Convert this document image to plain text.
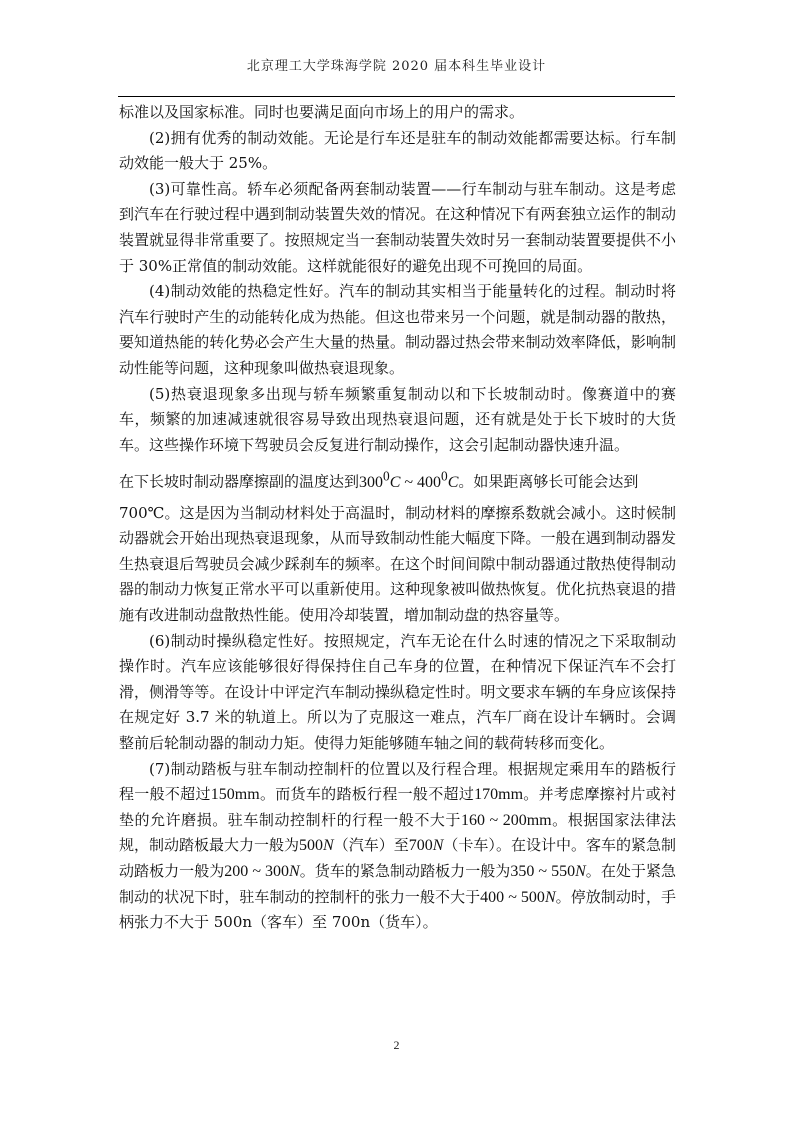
北京理工大学珠海学院 2020 届本科生毕业设计

标准以及国家标准。同时也要满足面向市场上的用户的需求。

(2)拥有优秀的制动效能。无论是行车还是驻车的制动效能都需要达标。行车制动效能一般大于 25%。

(3)可靠性高。轿车必须配备两套制动装置——行车制动与驻车制动。这是考虑到汽车在行驶过程中遇到制动装置失效的情况。在这种情况下有两套独立运作的制动装置就显得非常重要了。按照规定当一套制动装置失效时另一套制动装置要提供不小于 30%正常值的制动效能。这样就能很好的避免出现不可挽回的局面。

(4)制动效能的热稳定性好。汽车的制动其实相当于能量转化的过程。制动时将汽车行驶时产生的动能转化成为热能。但这也带来另一个问题，就是制动器的散热，要知道热能的转化势必会产生大量的热量。制动器过热会带来制动效率降低，影响制动性能等问题，这种现象叫做热衰退现象。

(5)热衰退现象多出现与轿车频繁重复制动以和下长坡制动时。像赛道中的赛车，频繁的加速减速就很容易导致出现热衰退问题，还有就是处于长下坡时的大货车。这些操作环境下驾驶员会反复进行制动操作，这会引起制动器快速升温。

在下长坡时制动器摩擦副的温度达到$300^0C$ ~ $400^0C$。如果距离够长可能会达到

700℃。这是因为当制动材料处于高温时，制动材料的摩擦系数就会减小。这时候制动器就会开始出现热衰退现象，从而导致制动性能大幅度下降。一般在遇到制动器发生热衰退后驾驶员会减少踩刹车的频率。在这个时间间隙中制动器通过散热使得制动器的制动力恢复正常水平可以重新使用。这种现象被叫做热恢复。优化抗热衰退的措施有改进制动盘散热性能。使用冷却装置，增加制动盘的热容量等。

(6)制动时操纵稳定性好。按照规定，汽车无论在什么时速的情况之下采取制动操作时。汽车应该能够很好得保持住自己车身的位置，在种情况下保证汽车不会打滑，侧滑等等。在设计中评定汽车制动操纵稳定性时。明文要求车辆的车身应该保持在规定好 3.7 米的轨道上。所以为了克服这一难点，汽车厂商在设计车辆时。会调整前后轮制动器的制动力矩。使得力矩能够随车轴之间的载荷转移而变化。

(7)制动踏板与驻车制动控制杆的位置以及行程合理。根据规定乘用车的踏板行程一般不超过150mm。而货车的踏板行程一般不超过170mm。并考虑摩擦衬片或衬垫的允许磨损。驻车制动控制杆的行程一般不大于160 ~ 200mm。根据国家法律法规，制动踏板最大力一般为500N（汽车）至700N（卡车）。在设计中。客车的紧急制动踏板力一般为200 ~ 300N。货车的紧急制动踏板力一般为350 ~ 550N。在处于紧急制动的状况下时，驻车制动的控制杆的张力一般不大于400 ~ 500N。停放制动时，手柄张力不大于 500n（客车）至 700n（货车）。

2
